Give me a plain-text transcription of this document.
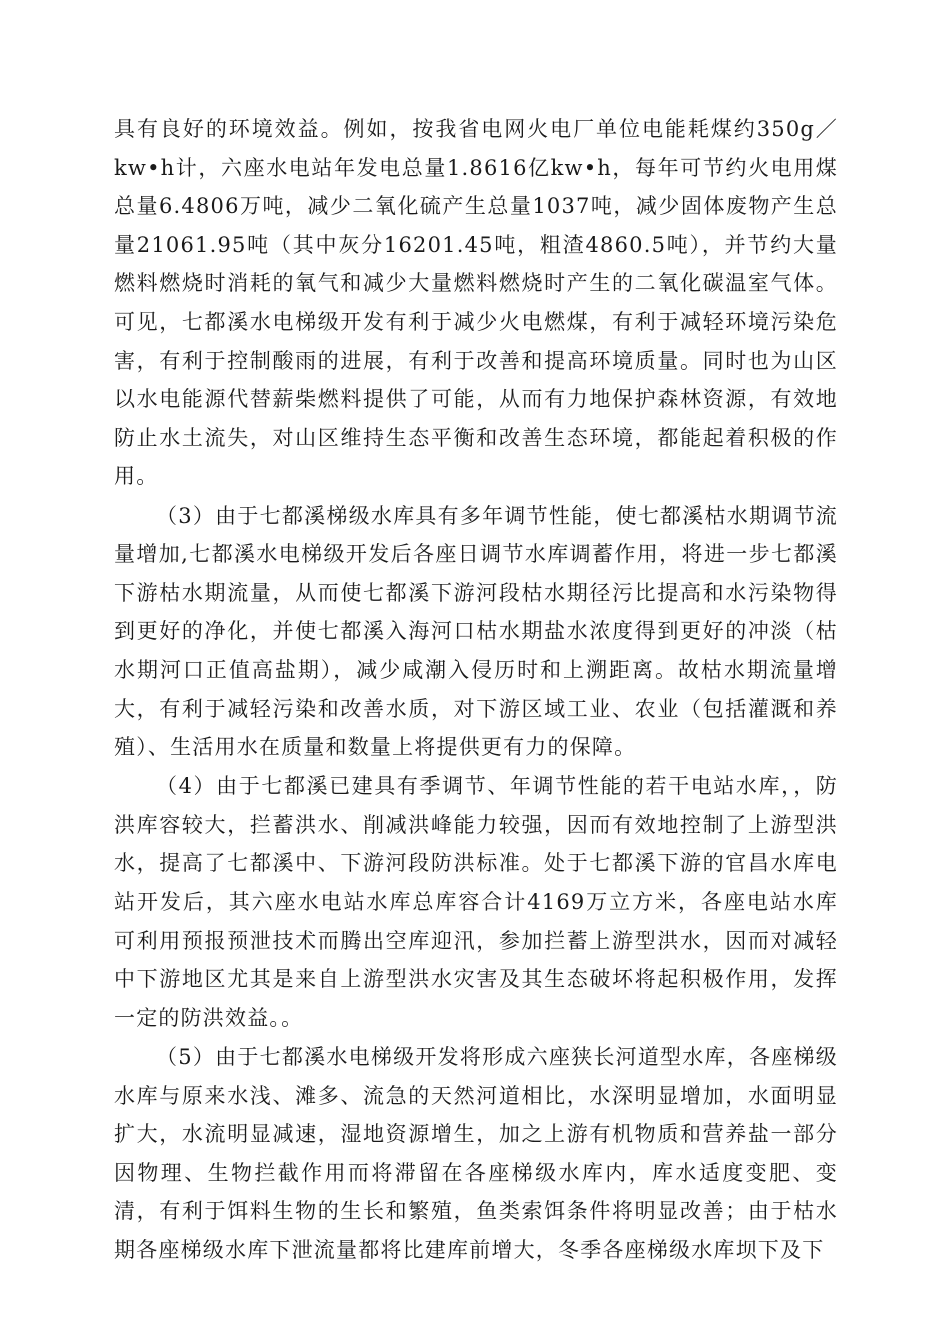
具有良好的环境效益。例如，按我省电网火电厂单位电能耗煤约350g／kw•h计，六座水电站年发电总量1.8616亿kw•h，每年可节约火电用煤总量6.4806万吨，减少二氧化硫产生总量1037吨，减少固体废物产生总量21061.95吨（其中灰分16201.45吨，粗渣4860.5吨），并节约大量燃料燃烧时消耗的氧气和减少大量燃料燃烧时产生的二氧化碳温室气体。可见，七都溪水电梯级开发有利于减少火电燃煤，有利于减轻环境污染危害，有利于控制酸雨的进展，有利于改善和提高环境质量。同时也为山区以水电能源代替薪柴燃料提供了可能，从而有力地保护森林资源，有效地防止水土流失，对山区维持生态平衡和改善生态环境，都能起着积极的作用。

（3）由于七都溪梯级水库具有多年调节性能，使七都溪枯水期调节流量增加,七都溪水电梯级开发后各座日调节水库调蓄作用，将进一步七都溪下游枯水期流量，从而使七都溪下游河段枯水期径污比提高和水污染物得到更好的净化，并使七都溪入海河口枯水期盐水浓度得到更好的冲淡（枯水期河口正值高盐期），减少咸潮入侵历时和上溯距离。故枯水期流量增大，有利于减轻污染和改善水质，对下游区域工业、农业（包括灌溉和养殖）、生活用水在质量和数量上将提供更有力的保障。

（4）由于七都溪已建具有季调节、年调节性能的若干电站水库，，防洪库容较大，拦蓄洪水、削减洪峰能力较强，因而有效地控制了上游型洪水，提高了七都溪中、下游河段防洪标准。处于七都溪下游的官昌水库电站开发后，其六座水电站水库总库容合计4169万立方米，各座电站水库可利用预报预泄技术而腾出空库迎汛，参加拦蓄上游型洪水，因而对减轻中下游地区尤其是来自上游型洪水灾害及其生态破坏将起积极作用，发挥一定的防洪效益。。

（5）由于七都溪水电梯级开发将形成六座狭长河道型水库，各座梯级水库与原来水浅、滩多、流急的天然河道相比，水深明显增加，水面明显扩大，水流明显减速，湿地资源增生，加之上游有机物质和营养盐一部分因物理、生物拦截作用而将滞留在各座梯级水库内，库水适度变肥、变清，有利于饵料生物的生长和繁殖，鱼类索饵条件将明显改善；由于枯水期各座梯级水库下泄流量都将比建库前增大，冬季各座梯级水库坝下及下
